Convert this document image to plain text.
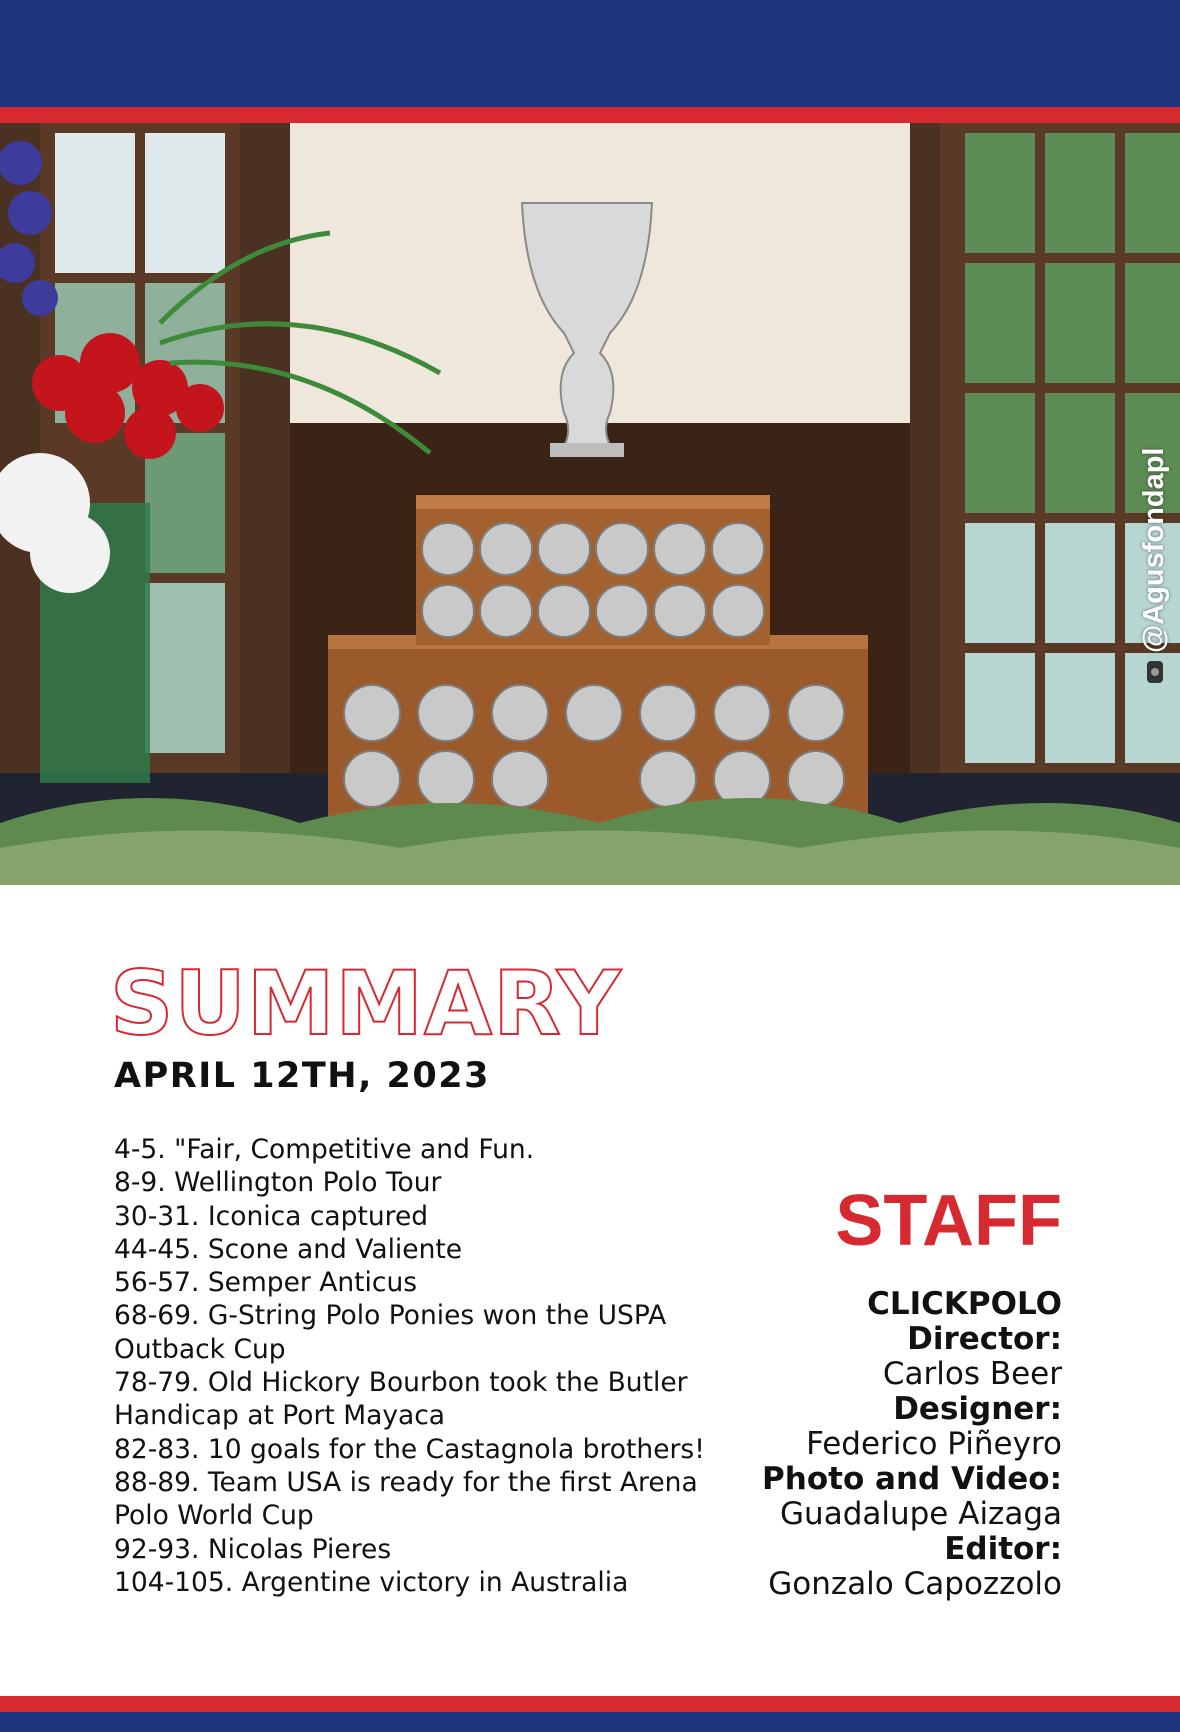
@Agusfondapl
SUMMARY
APRIL 12TH, 2023
4-5. "Fair, Competitive and Fun.
8-9. Wellington Polo Tour
30-31. Iconica captured
44-45. Scone and Valiente
56-57. Semper Anticus
68-69. G-String Polo Ponies won the USPA
Outback Cup
78-79. Old Hickory Bourbon took the Butler
Handicap at Port Mayaca
82-83. 10 goals for the Castagnola brothers!
88-89. Team USA is ready for the first Arena
Polo World Cup
92-93. Nicolas Pieres
104-105. Argentine victory in Australia
STAFF
CLICKPOLO
Director:
Carlos Beer
Designer:
Federico Piñeyro
Photo and Video:
Guadalupe Aizaga
Editor:
Gonzalo Capozzolo
